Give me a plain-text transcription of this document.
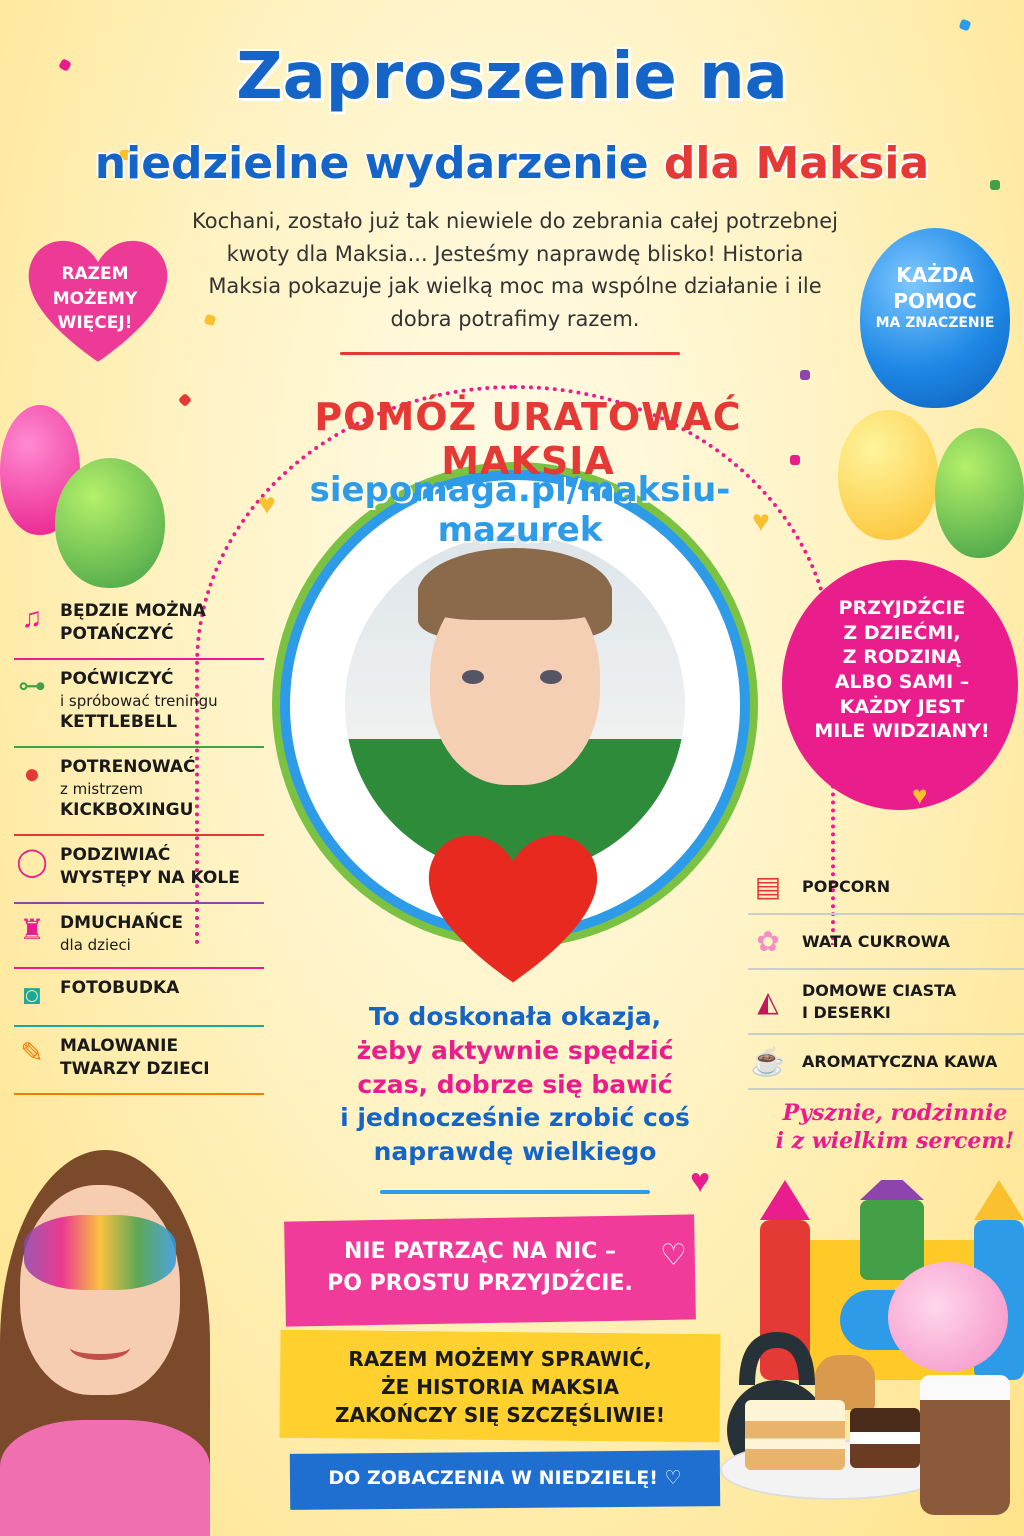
Zaproszenie na
niedzielne wydarzenie dla Maksia
Kochani, zostało już tak niewiele do zebrania całej potrzebnej kwoty dla Maksia... Jesteśmy naprawdę blisko! Historia Maksia pokazuje jak wielką moc ma wspólne działanie i ile dobra potrafimy razem.
RAZEM
MOŻEMY
WIĘCEJ!
KAŻDA
POMOC
MA ZNACZENIE
POMÓŻ URATOWAĆ MAKSIA
♥
♥
siepomaga.pl/maksiu-mazurek
♫	BĘDZIE MOŻNA
POTAŃCZYĆ
⊶ POĆWICZYĆ
i spróbować treningu
KETTLEBELL
●	POTRENOWAĆ
z mistrzem
KICKBOXINGU
◯ PODZIWIAĆ
WYSTĘPY NA KOLE
♜ DMUCHAŃCE
dla dzieci
◙	FOTOBUDKA
✎ MALOWANIE
TWARZY DZIECI
PRZYJDŹCIE
Z DZIEĆMI,
Z RODZINĄ
ALBO SAMI –
KAŻDY JEST
MILE WIDZIANY!
♥
▤	POPCORN
✿	WATA CUKROWA
◭	DOMOWE CIASTA
I DESERKI
☕ AROMATYCZNA KAWA
Pysznie, rodzinnie
i z wielkim sercem!
To doskonała okazja,
żeby aktywnie spędzić
czas, dobrze się bawić
i jednocześnie zrobić coś
naprawdę wielkiego
♥
NIE PATRZĄC NA NIC –
PO PROSTU PRZYJDŹCIE.
♡
RAZEM MOŻEMY SPRAWIĆ,
ŻE HISTORIA MAKSIA
ZAKOŃCZY SIĘ SZCZĘŚLIWIE!
DO ZOBACZENIA W NIEDZIELĘ! ♡
